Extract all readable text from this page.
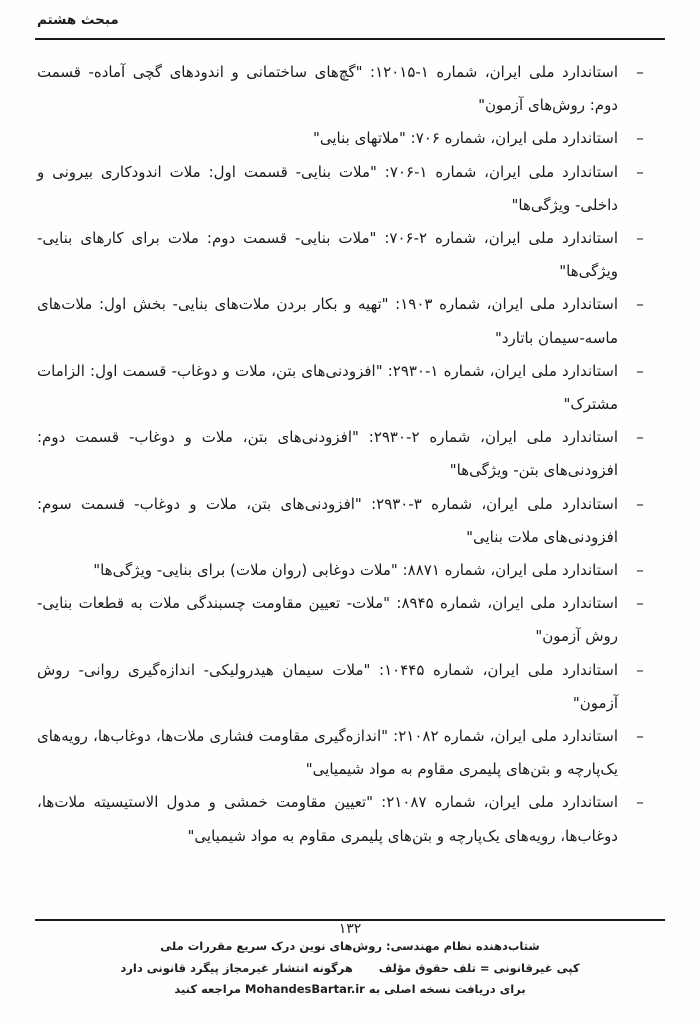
مبحث هشتم
–
استاندارد ملی ایران، شماره ⁦۱۲۰۱۵-۱⁩: "گچ‌های ساختمانی و اندودهای گچی آماده- قسمت دوم: روش‌های آزمون"
–
استاندارد ملی ایران، شماره ۷۰۶: "ملاتهای بنایی"
–
استاندارد ملی ایران، شماره ⁦۷۰۶-۱⁩: "ملات بنایی- قسمت اول: ملات اندودکاری بیرونی و داخلی- ویژگی‌ها"
–
استاندارد ملی ایران، شماره ⁦۷۰۶-۲⁩: "ملات بنایی- قسمت دوم: ملات برای کارهای بنایی- ویژگی‌ها"
–
استاندارد ملی ایران، شماره ۱۹۰۳: "تهیه و بکار بردن ملات‌های بنایی- بخش اول: ملات‌های ماسه-سیمان باتارد"
–
استاندارد ملی ایران، شماره ⁦۲۹۳۰-۱⁩: "افزودنی‌های بتن، ملات و دوغاب- قسمت اول: الزامات مشترک"
–
استاندارد ملی ایران، شماره ⁦۲۹۳۰-۲⁩: "افزودنی‌های بتن، ملات و دوغاب- قسمت دوم: افزودنی‌های بتن- ویژگی‌ها"
–
استاندارد ملی ایران، شماره ⁦۲۹۳۰-۳⁩: "افزودنی‌های بتن، ملات و دوغاب- قسمت سوم: افزودنی‌های ملات بنایی"
–
استاندارد ملی ایران، شماره ۸۸۷۱: "ملات دوغابی (روان ملات) برای بنایی- ویژگی‌ها"
–
استاندارد ملی ایران، شماره ۸۹۴۵: "ملات- تعیین مقاومت چسبندگی ملات به قطعات بنایی- روش آزمون"
–
استاندارد ملی ایران، شماره ۱۰۴۴۵: "ملات سیمان هیدرولیکی- اندازه‌گیری روانی- روش آزمون"
–
استاندارد ملی ایران، شماره ۲۱۰۸۲: "اندازه‌گیری مقاومت فشاری ملات‌ها، دوغاب‌ها، رویه‌های یک‌پارچه و بتن‌های پلیمری مقاوم به مواد شیمیایی"
–
استاندارد ملی ایران، شماره ۲۱۰۸۷: "تعیین مقاومت خمشی و مدول الاستیسیته ملات‌ها، دوغاب‌ها، رویه‌های یک‌پارچه و بتن‌های پلیمری مقاوم به مواد شیمیایی"
۱۳۲
شتاب‌دهنده نظام مهندسی: روش‌های نوین درک سریع مقررات ملی
کپی غیرقانونی = تلف حقوق مؤلفهرگونه انتشار غیرمجاز پیگرد قانونی دارد
برای دریافت نسخه اصلی به MohandesBartar.ir مراجعه کنید
